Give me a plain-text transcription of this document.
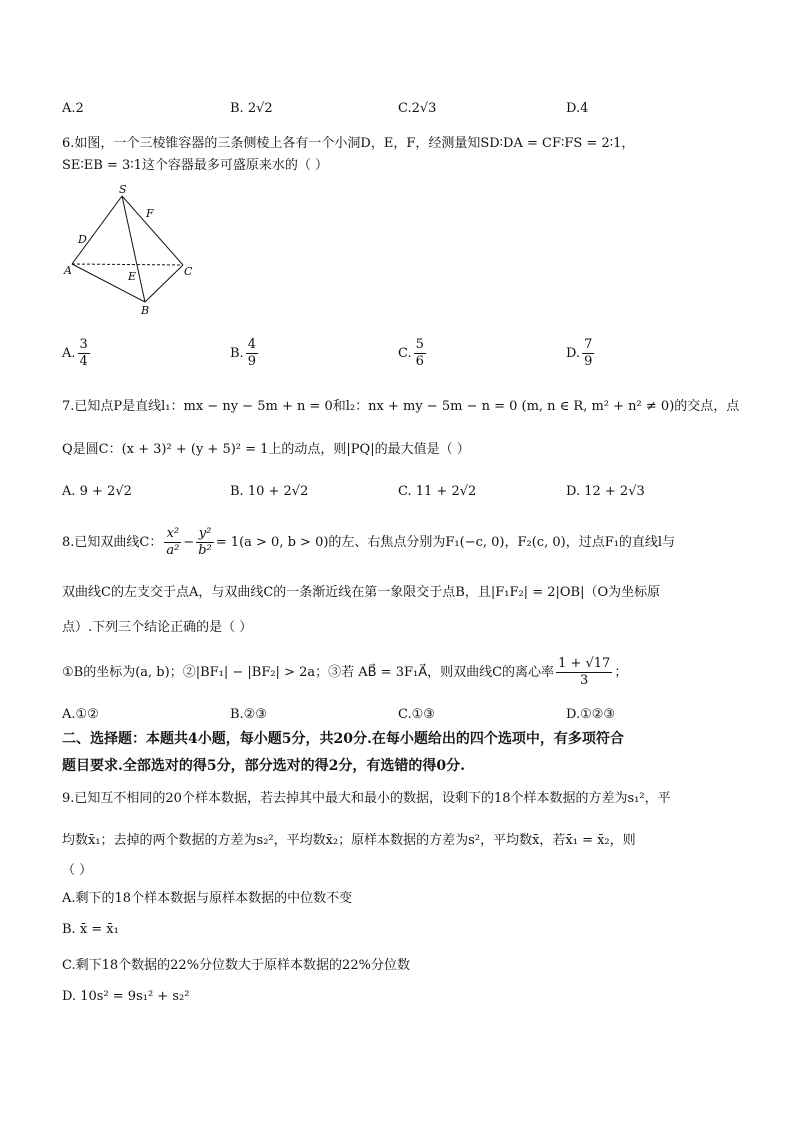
A.2	B. 2√2	C.2√3	D.4
6.如图，一个三棱锥容器的三条侧棱上各有一个小洞D，E，F，经测量知SD∶DA = CF∶FS = 2∶1，
SE∶EB = 3∶1这个容器最多可盛原来水的（ ）
S
F
D
A	E	C
B
A. $\frac{3}{4}$	B. $\frac{4}{9}$	C. $\frac{5}{6}$	D. $\frac{7}{9}$
7.已知点P是直线l₁：mx − ny − 5m + n = 0和l₂：nx + my − 5m − n = 0 (m, n ∈ R, m² + n² ≠ 0)的交点，点
Q是圆C：(x + 3)² + (y + 5)² = 1上的动点，则|PQ|的最大值是（ ）
A. 9 + 2√2	B. 10 + 2√2	C. 11 + 2√2	D. 12 + 2√3
8.已知双曲线C： $\frac{\text{x²}}{\text{a²}} - \frac{\text{y²}}{\text{b²}} = 1(a > 0$, b > 0)的左、右焦点分别为F₁(−c, 0)，F₂(c, 0)，过点F₁的直线l与
双曲线C的左支交于点A，与双曲线C的一条渐近线在第一象限交于点B，且|F₁F₂| = 2|OB|（O为坐标原
点）.下列三个结论正确的是（ ）
①B的坐标为(a, b)；②|BF₁| − |BF₂| > 2a；③若 AB⃗ = 3F₁A⃗，则双曲线C的离心率 $\frac{1 + √17}{3}$ ；
A.①②	B.②③	C.①③	D.①②③
二、选择题：本题共4小题，每小题5分，共20分.在每小题给出的四个选项中，有多项符合
题目要求.全部选对的得5分，部分选对的得2分，有选错的得0分.
9.已知互不相同的20个样本数据，若去掉其中最大和最小的数据，设剩下的18个样本数据的方差为s₁²，平
均数x̄₁；去掉的两个数据的方差为s₂²，平均数x̄₂；原样本数据的方差为s²，平均数x̄，若x̄₁ = x̄₂，则
（ ）
A.剩下的18个样本数据与原样本数据的中位数不变
B. x̄ = x̄₁
C.剩下18个数据的22%分位数大于原样本数据的22%分位数
D. 10s² = 9s₁² + s₂²
